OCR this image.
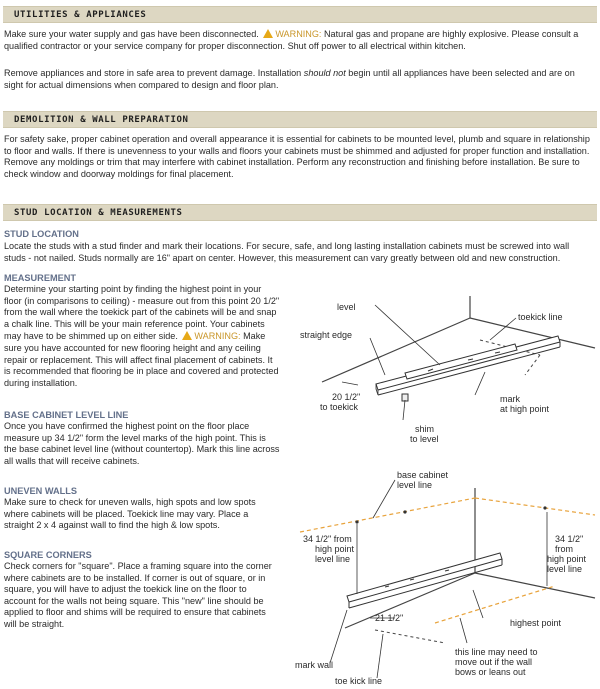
UTILITIES & APPLIANCES

Make sure your water supply and gas have been disconnected. WARNING: Natural gas and propane are highly explosive. Please consult a qualified contractor or your service company for proper disconnection. Shut off power to all electrical within kitchen.

Remove appliances and store in safe area to prevent damage. Installation should not begin until all appliances have been selected and are on sight for actual dimensions when compared to design and floor plan.

DEMOLITION & WALL PREPARATION

For safety sake, proper cabinet operation and overall appearance it is essential for cabinets to be mounted level, plumb and square in relationship to floor and walls. If there is unevenness to your walls and floors your cabinets must be shimmed and adjusted for proper function and installation. Remove any moldings or trim that may interfere with cabinet installation. Perform any reconstruction and finishing before installation. Be sure to check window and doorway moldings for final placement.

STUD LOCATION & MEASUREMENTS
STUD LOCATION

Locate the studs with a stud finder and mark their locations. For secure, safe, and long lasting installation cabinets must be screwed into wall studs - not nailed. Studs normally are 16" apart on center. However, this measurement can vary greatly between old and new construction.

MEASUREMENT

Determine your starting point by finding the highest point in your floor (in comparisons to ceiling) - measure out from this point 20 1/2" from the wall where the toekick part of the cabinets will be and snap a chalk line. This will be your main reference point. Your cabinets may have to be shimmed up on either side. WARNING: Make sure you have accounted for new flooring height and any ceiling repair or replacement. This will affect final placement of cabinets. It is recommended that flooring be in place and covered and protected during installation.

BASE CABINET LEVEL LINE

Once you have confirmed the highest point on the floor place measure up 34 1/2" form the level marks of the high point. This is the base cabinet level line (without countertop). Mark this line across all walls that will receive cabinets.

UNEVEN WALLS

Make sure to check for uneven walls, high spots and low spots where cabinets will be placed. Toekick line may vary. Place a straight 2 x 4 against wall to find the high & low spots.

SQUARE CORNERS

Check corners for "square". Place a framing square into the corner where cabinets are to be installed. If corner is out of square, or in square, you will have to adjust the toekick line on the floor to account for the walls not being square. This "new" line should be applied to floor and shims will be required to ensure that cabinets will be straight.

level
toekick line
straight edge
20 1/2"
to toekick
shim
to level
mark
at high point
base cabinet
level line
34 1/2" from
high point
level line
34 1/2"
from
high point
level line
21 1/2"	highest point
mark wall
this line may need to
move out if the wall
bows or leans out
toe kick line
